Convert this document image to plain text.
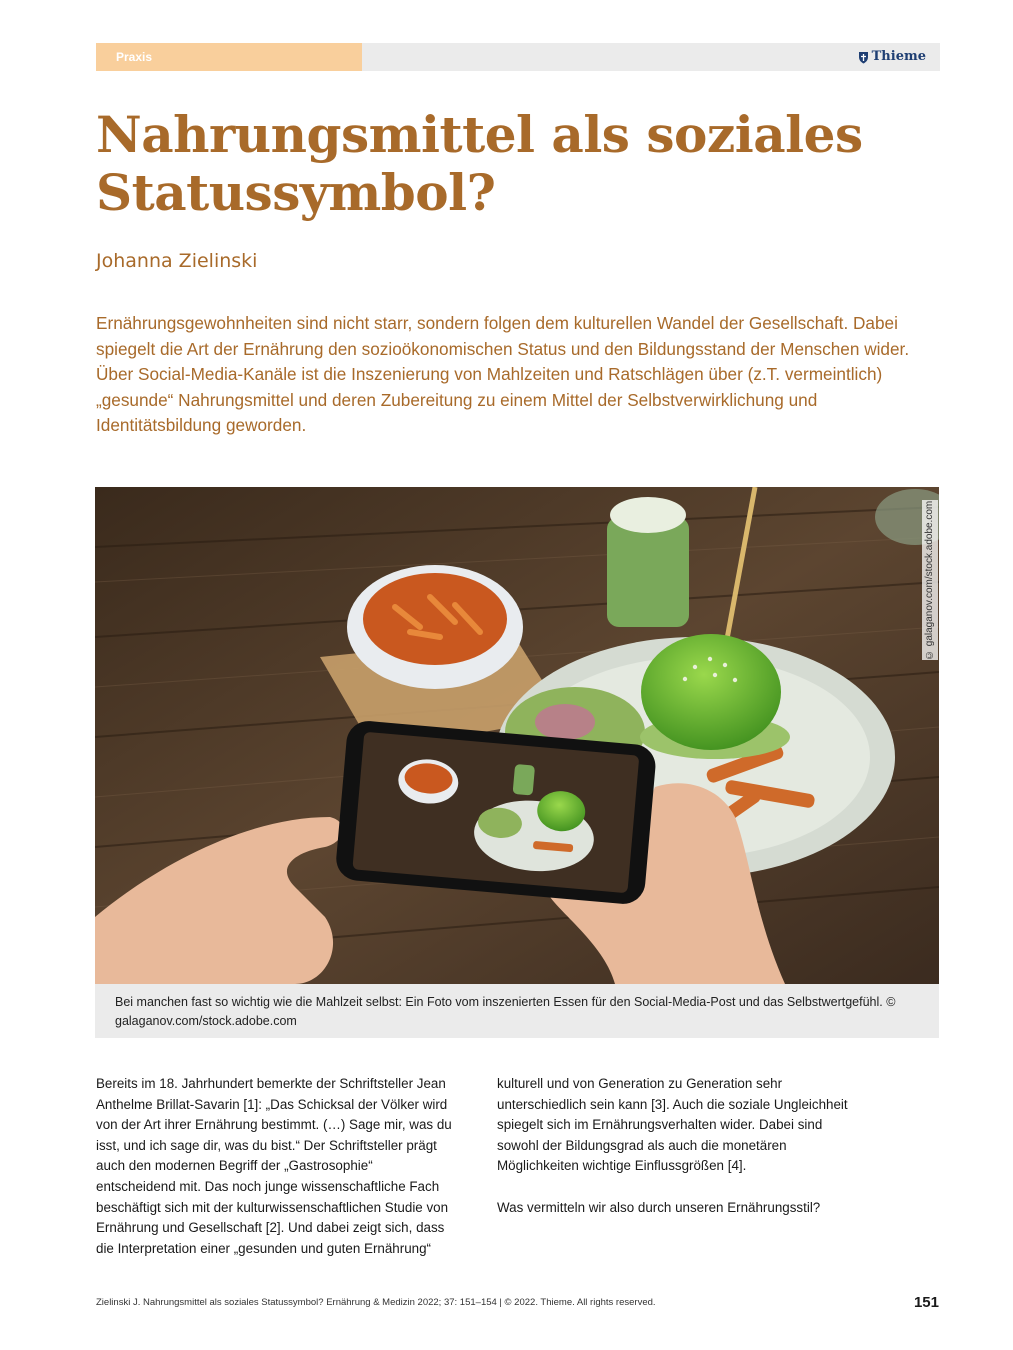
Praxis	Thieme
Nahrungsmittel als soziales Statussymbol?
Johanna Zielinski

Ernährungsgewohnheiten sind nicht starr, sondern folgen dem kulturellen Wandel der Gesellschaft. Dabei spiegelt die Art der Ernährung den sozioökonomischen Status und den Bildungsstand der Menschen wider. Über Social-Media-Kanäle ist die Inszenierung von Mahlzeiten und Ratschlägen über (z.T. vermeintlich) „gesunde“ Nahrungsmittel und deren Zubereitung zu einem Mittel der Selbstverwirklichung und Identitätsbildung geworden.

© galaganov.com/stock.adobe.com
Bei manchen fast so wichtig wie die Mahlzeit selbst: Ein Foto vom inszenierten Essen für den Social-Media-Post und das Selbstwertgefühl. © galaganov.com/stock.adobe.com

Bereits im 18. Jahrhundert bemerkte der Schriftsteller Jean Anthelme Brillat-Savarin [1]: „Das Schicksal der Völker wird von der Art ihrer Ernährung bestimmt. (…) Sage mir, was du isst, und ich sage dir, was du bist.“ Der Schriftsteller prägt auch den modernen Begriff der „Gastrosophie“ entscheidend mit. Das noch junge wissenschaftliche Fach beschäftigt sich mit der kulturwissenschaftlichen Studie von Ernährung und Gesellschaft [2]. Und dabei zeigt sich, dass die Interpretation einer „gesunden und guten Ernährung“

kulturell und von Generation zu Generation sehr unterschiedlich sein kann [3]. Auch die soziale Ungleichheit spiegelt sich im Ernährungsverhalten wider. Dabei sind sowohl der Bildungsgrad als auch die monetären Möglichkeiten wichtige Einflussgrößen [4].

Was vermitteln wir also durch unseren Ernährungsstil?

Zielinski J. Nahrungsmittel als soziales Statussymbol? Ernährung & Medizin 2022; 37: 151–154 | © 2022. Thieme. All rights reserved.	151
